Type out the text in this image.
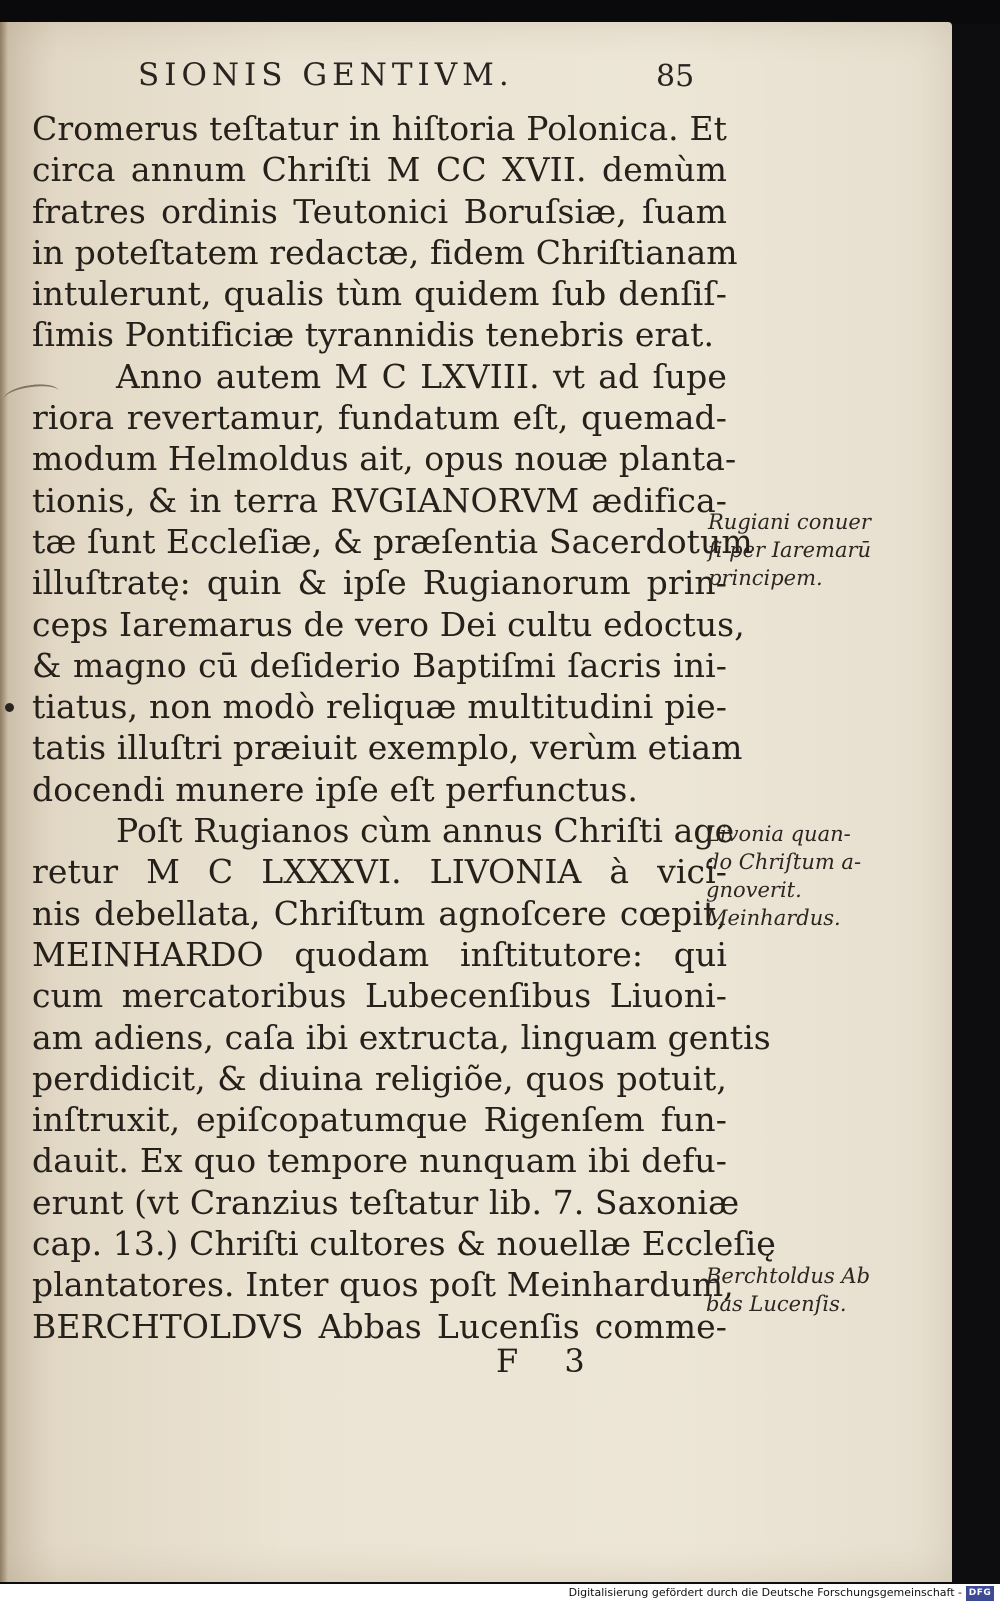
SIONIS GENTIVM.	85
Cromerus teſtatur in hiſtoria Polonica. Et
circa annum Chriſti M CC XVII. demùm
fratres ordinis Teutonici Boruſsiæ, ſuam
in poteſtatem redactæ, fidem Chriſtianam
intulerunt, qualis tùm quidem ſub denſiſ-
ſimis Pontificiæ tyrannidis tenebris erat.
Anno autem M C LXVIII. vt ad ſupe
riora revertamur, fundatum eſt, quemad-
modum Helmoldus ait, opus nouæ planta-
tionis, & in terra RVGIANORVM ædifica-
tæ ſunt Eccleſiæ, & præſentia Sacerdotum
illuſtratę: quin & ipſe Rugianorum prin-
ceps Iaremarus de vero Dei cultu edoctus,
& magno cū deſiderio Baptiſmi ſacris ini-
tiatus, non modò reliquæ multitudini pie-
tatis illuſtri præiuit exemplo, verùm etiam
docendi munere ipſe eſt perfunctus.
Poſt Rugianos cùm annus Chriſti age
retur M C LXXXVI. LIVONIA à vici-
nis debellata, Chriſtum agnoſcere cœpit,
MEINHARDO quodam inſtitutore: qui
cum mercatoribus Lubecenſibus Liuoni-
am adiens, caſa ibi extructa, linguam gentis
perdidicit, & diuina religiõe, quos potuit,
inſtruxit, epiſcopatumque Rigenſem fun-
dauit. Ex quo tempore nunquam ibi defu-
erunt (vt Cranzius teſtatur lib. 7. Saxoniæ
cap. 13.) Chriſti cultores & nouellæ Eccleſię
plantatores. Inter quos poſt Meinhardum,
BERCHTOLDVS Abbas Lucenſis comme-
Rugiani conuer
ſi per Iaremarū
principem.
Livonia quan-
do Chriſtum a-
gnoverit.
Meinhardus.
Berchtoldus Ab
bas Lucenſis.
F 3
Digitalisierung gefördert durch die Deutsche Forschungsgemeinschaft - DFG
